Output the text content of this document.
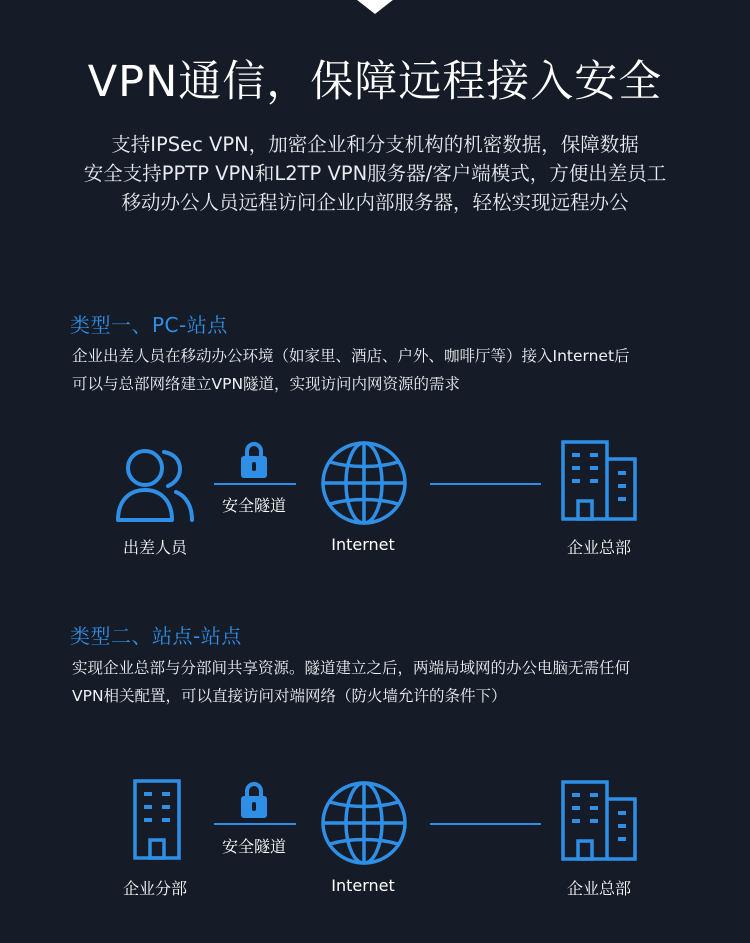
VPN通信，保障远程接入安全
支持IPSec VPN，加密企业和分支机构的机密数据，保障数据
安全支持PPTP VPN和L2TP VPN服务器/客户端模式，方便出差员工
移动办公人员远程访问企业内部服务器，轻松实现远程办公
类型一、PC-站点
企业出差人员在移动办公环境（如家里、酒店、户外、咖啡厅等）接入Internet后
可以与总部网络建立VPN隧道，实现访问内网资源的需求
出差人员
安全隧道
Internet	企业总部
类型二、站点-站点
实现企业总部与分部间共享资源。隧道建立之后，两端局域网的办公电脑无需任何
VPN相关配置，可以直接访问对端网络（防火墙允许的条件下）
企业分部
安全隧道
Internet	企业总部
